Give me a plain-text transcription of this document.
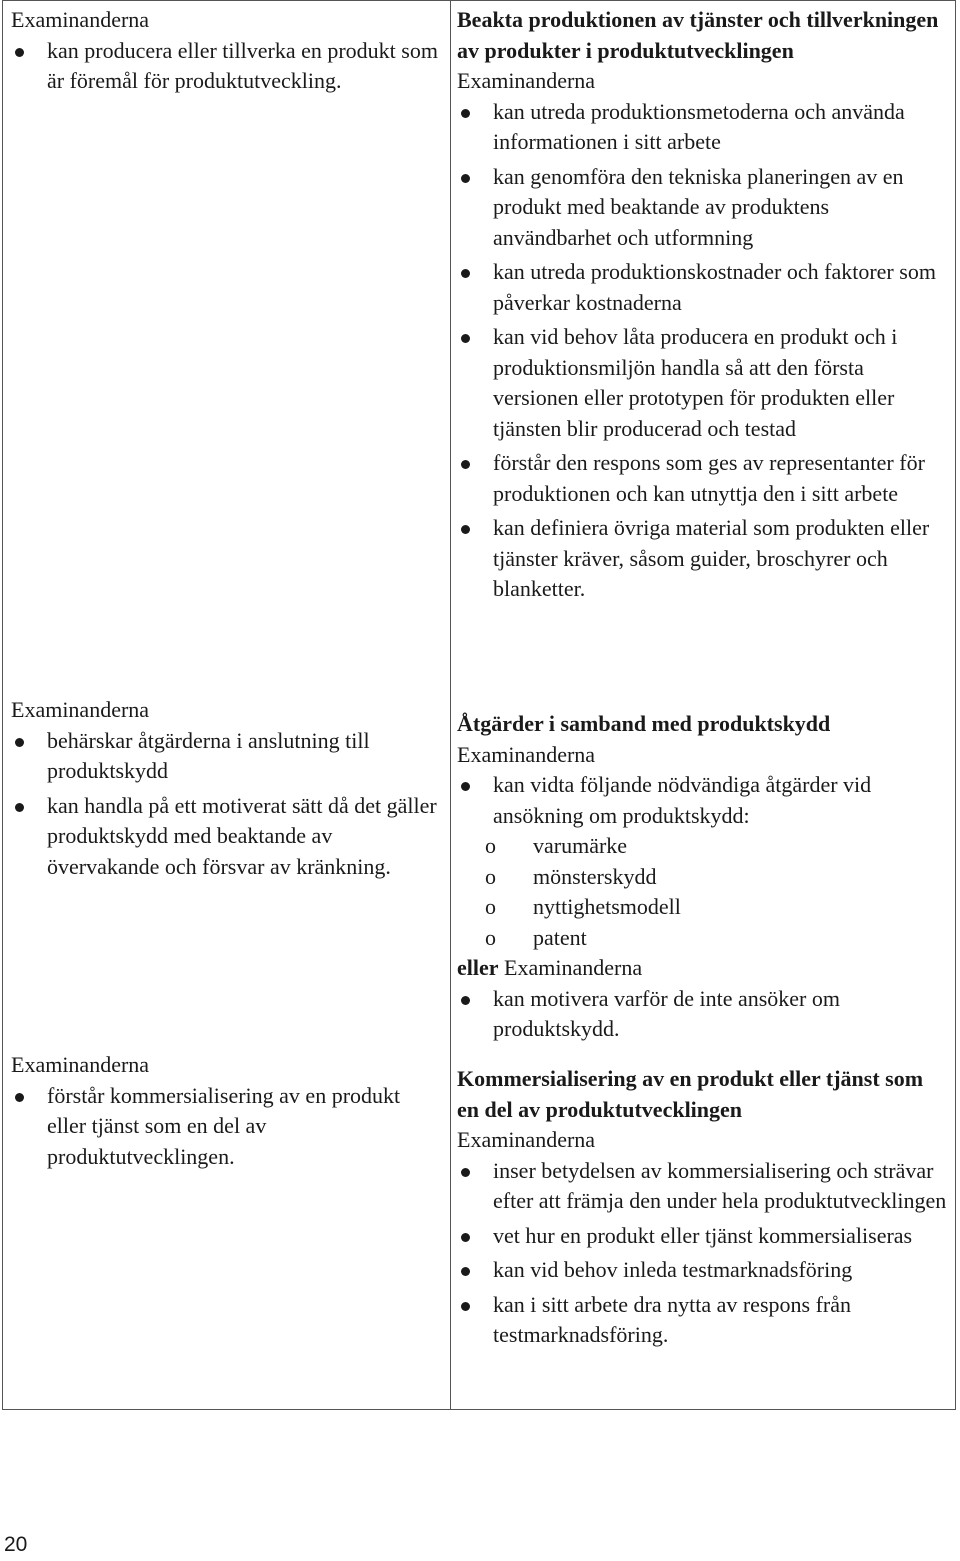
Examinanderna

kan producera eller tillverka en produkt som är föremål för produktutveckling.

Examinanderna

behärskar åtgärderna i anslutning till produktskydd
kan handla på ett motiverat sätt då det gäller produktskydd med beaktande av övervakande och försvar av kränkning.

Examinanderna

förstår kommersialisering av en produkt eller tjänst som en del av produktutvecklingen.

Beakta produktionen av tjänster och tillverkningen av produkter i produktutvecklingen

Examinanderna

kan utreda produktionsmetoderna och använda informationen i sitt arbete
kan genomföra den tekniska planeringen av en produkt med beaktande av produktens användbarhet och utformning
kan utreda produktionskostnader och faktorer som påverkar kostnaderna
kan vid behov låta producera en produkt och i produktionsmiljön handla så att den första versionen eller prototypen för produkten eller tjänsten blir producerad och testad
förstår den respons som ges av representanter för produktionen och kan utnyttja den i sitt arbete
kan definiera övriga material som produkten eller tjänster kräver, såsom guider, broschyrer och blanketter.

Åtgärder i samband med produktskydd

Examinanderna

kan vidta följande nödvändiga åtgärder vid ansökning om produktskydd:
o varumärke
o mönsterskydd
o nyttighetsmodell
o patent

eller Examinanderna

kan motivera varför de inte ansöker om produktskydd.

Kommersialisering av en produkt eller tjänst som en del av produktutvecklingen

Examinanderna

inser betydelsen av kommersialisering och strävar efter att främja den under hela produktutvecklingen
vet hur en produkt eller tjänst kommersialiseras
kan vid behov inleda testmarknadsföring
kan i sitt arbete dra nytta av respons från testmarknadsföring.
20
